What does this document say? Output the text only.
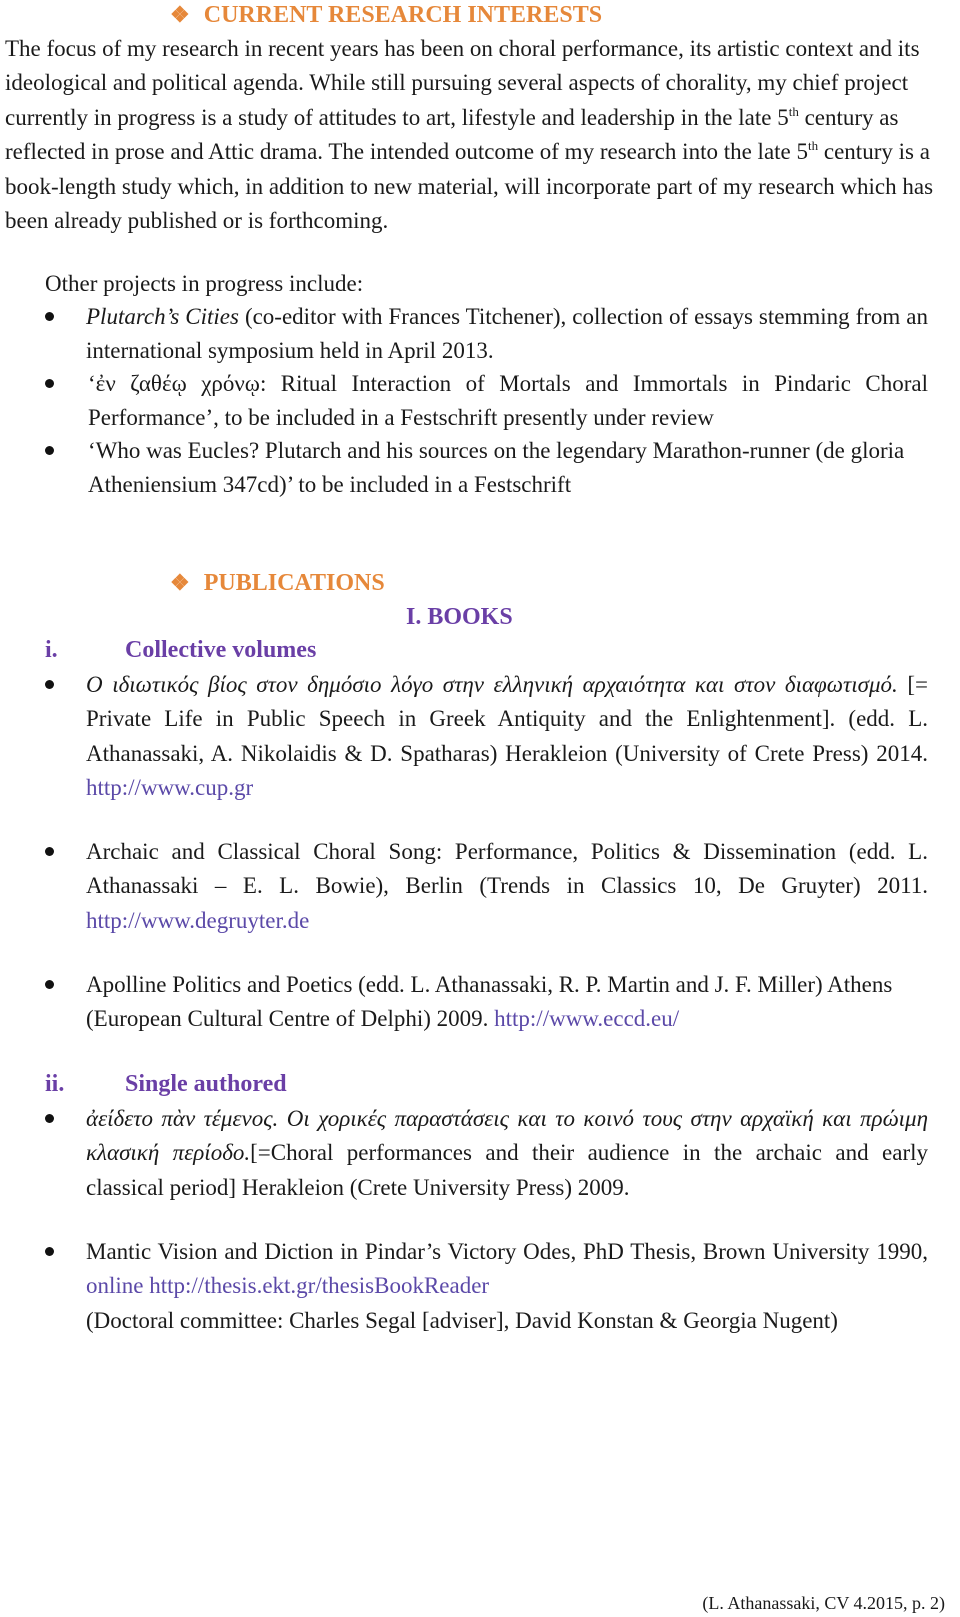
❖ CURRENT RESEARCH INTERESTS
The focus of my research in recent years has been on choral performance, its artistic context and its ideological and political agenda. While still pursuing several aspects of chorality, my chief project currently in progress is a study of attitudes to art, lifestyle and leadership in the late 5th century as reflected in prose and Attic drama. The intended outcome of my research into the late 5th century is a book-length study which, in addition to new material, will incorporate part of my research which has been already published or is forthcoming.
Other projects in progress include:
Plutarch’s Cities (co-editor with Frances Titchener), collection of essays stemming from an international symposium held in April 2013.
‘ἐν ζαθέῳ χρόνῳ: Ritual Interaction of Mortals and Immortals in Pindaric Choral Performance’, to be included in a Festschrift presently under review
‘Who was Eucles? Plutarch and his sources on the legendary Marathon-runner (de gloria Atheniensium 347cd)’ to be included in a Festschrift
❖ PUBLICATIONS
I. BOOKS
i.	Collective volumes
Ο ιδιωτικός βίος στον δημόσιο λόγο στην ελληνική αρχαιότητα και στον διαφωτισμό. [= Private Life in Public Speech in Greek Antiquity and the Enlightenment]. (edd. L. Athanassaki, A. Nikolaidis & D. Spatharas) Herakleion (University of Crete Press) 2014. http://www.cup.gr
Archaic and Classical Choral Song: Performance, Politics & Dissemination (edd. L. Athanassaki – E. L. Bowie), Berlin (Trends in Classics 10, De Gruyter) 2011. http://www.degruyter.de
Apolline Politics and Poetics (edd. L. Athanassaki, R. P. Martin and J. F. Miller) Athens (European Cultural Centre of Delphi) 2009. http://www.eccd.eu/
ii.	Single authored
ἀείδετο πὰν τέμενος. Οι χορικές παραστάσεις και το κοινό τους στην αρχαϊκή και πρώιμη κλασική περίοδο.[=Choral performances and their audience in the archaic and early classical period] Herakleion (Crete University Press) 2009.
Mantic Vision and Diction in Pindar’s Victory Odes, PhD Thesis, Brown University 1990, online http://thesis.ekt.gr/thesisBookReader
(Doctoral committee: Charles Segal [adviser], David Konstan & Georgia Nugent)
(L. Athanassaki, CV 4.2015, p. 2)
